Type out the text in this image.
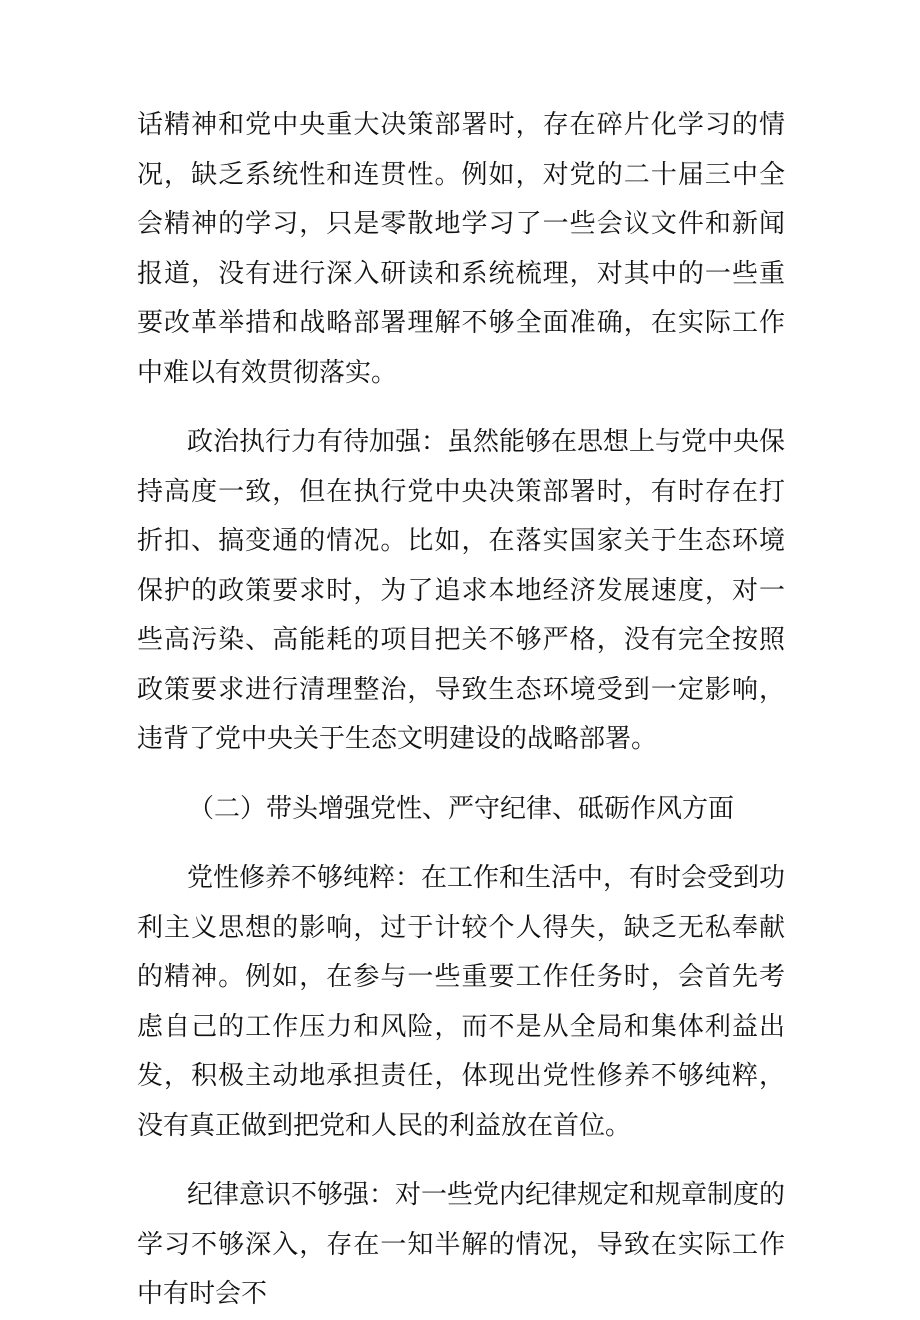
话精神和党中央重大决策部署时，存在碎片化学习的情况，缺乏系统性和连贯性。例如，对党的二十届三中全会精神的学习，只是零散地学习了一些会议文件和新闻报道，没有进行深入研读和系统梳理，对其中的一些重要改革举措和战略部署理解不够全面准确，在实际工作中难以有效贯彻落实。

政治执行力有待加强：虽然能够在思想上与党中央保持高度一致，但在执行党中央决策部署时，有时存在打折扣、搞变通的情况。比如，在落实国家关于生态环境保护的政策要求时，为了追求本地经济发展速度，对一些高污染、高能耗的项目把关不够严格，没有完全按照政策要求进行清理整治，导致生态环境受到一定影响，违背了党中央关于生态文明建设的战略部署。

（二）带头增强党性、严守纪律、砥砺作风方面

党性修养不够纯粹：在工作和生活中，有时会受到功利主义思想的影响，过于计较个人得失，缺乏无私奉献的精神。例如，在参与一些重要工作任务时，会首先考虑自己的工作压力和风险，而不是从全局和集体利益出发，积极主动地承担责任，体现出党性修养不够纯粹，没有真正做到把党和人民的利益放在首位。

纪律意识不够强：对一些党内纪律规定和规章制度的学习不够深入，存在一知半解的情况，导致在实际工作中有时会不
